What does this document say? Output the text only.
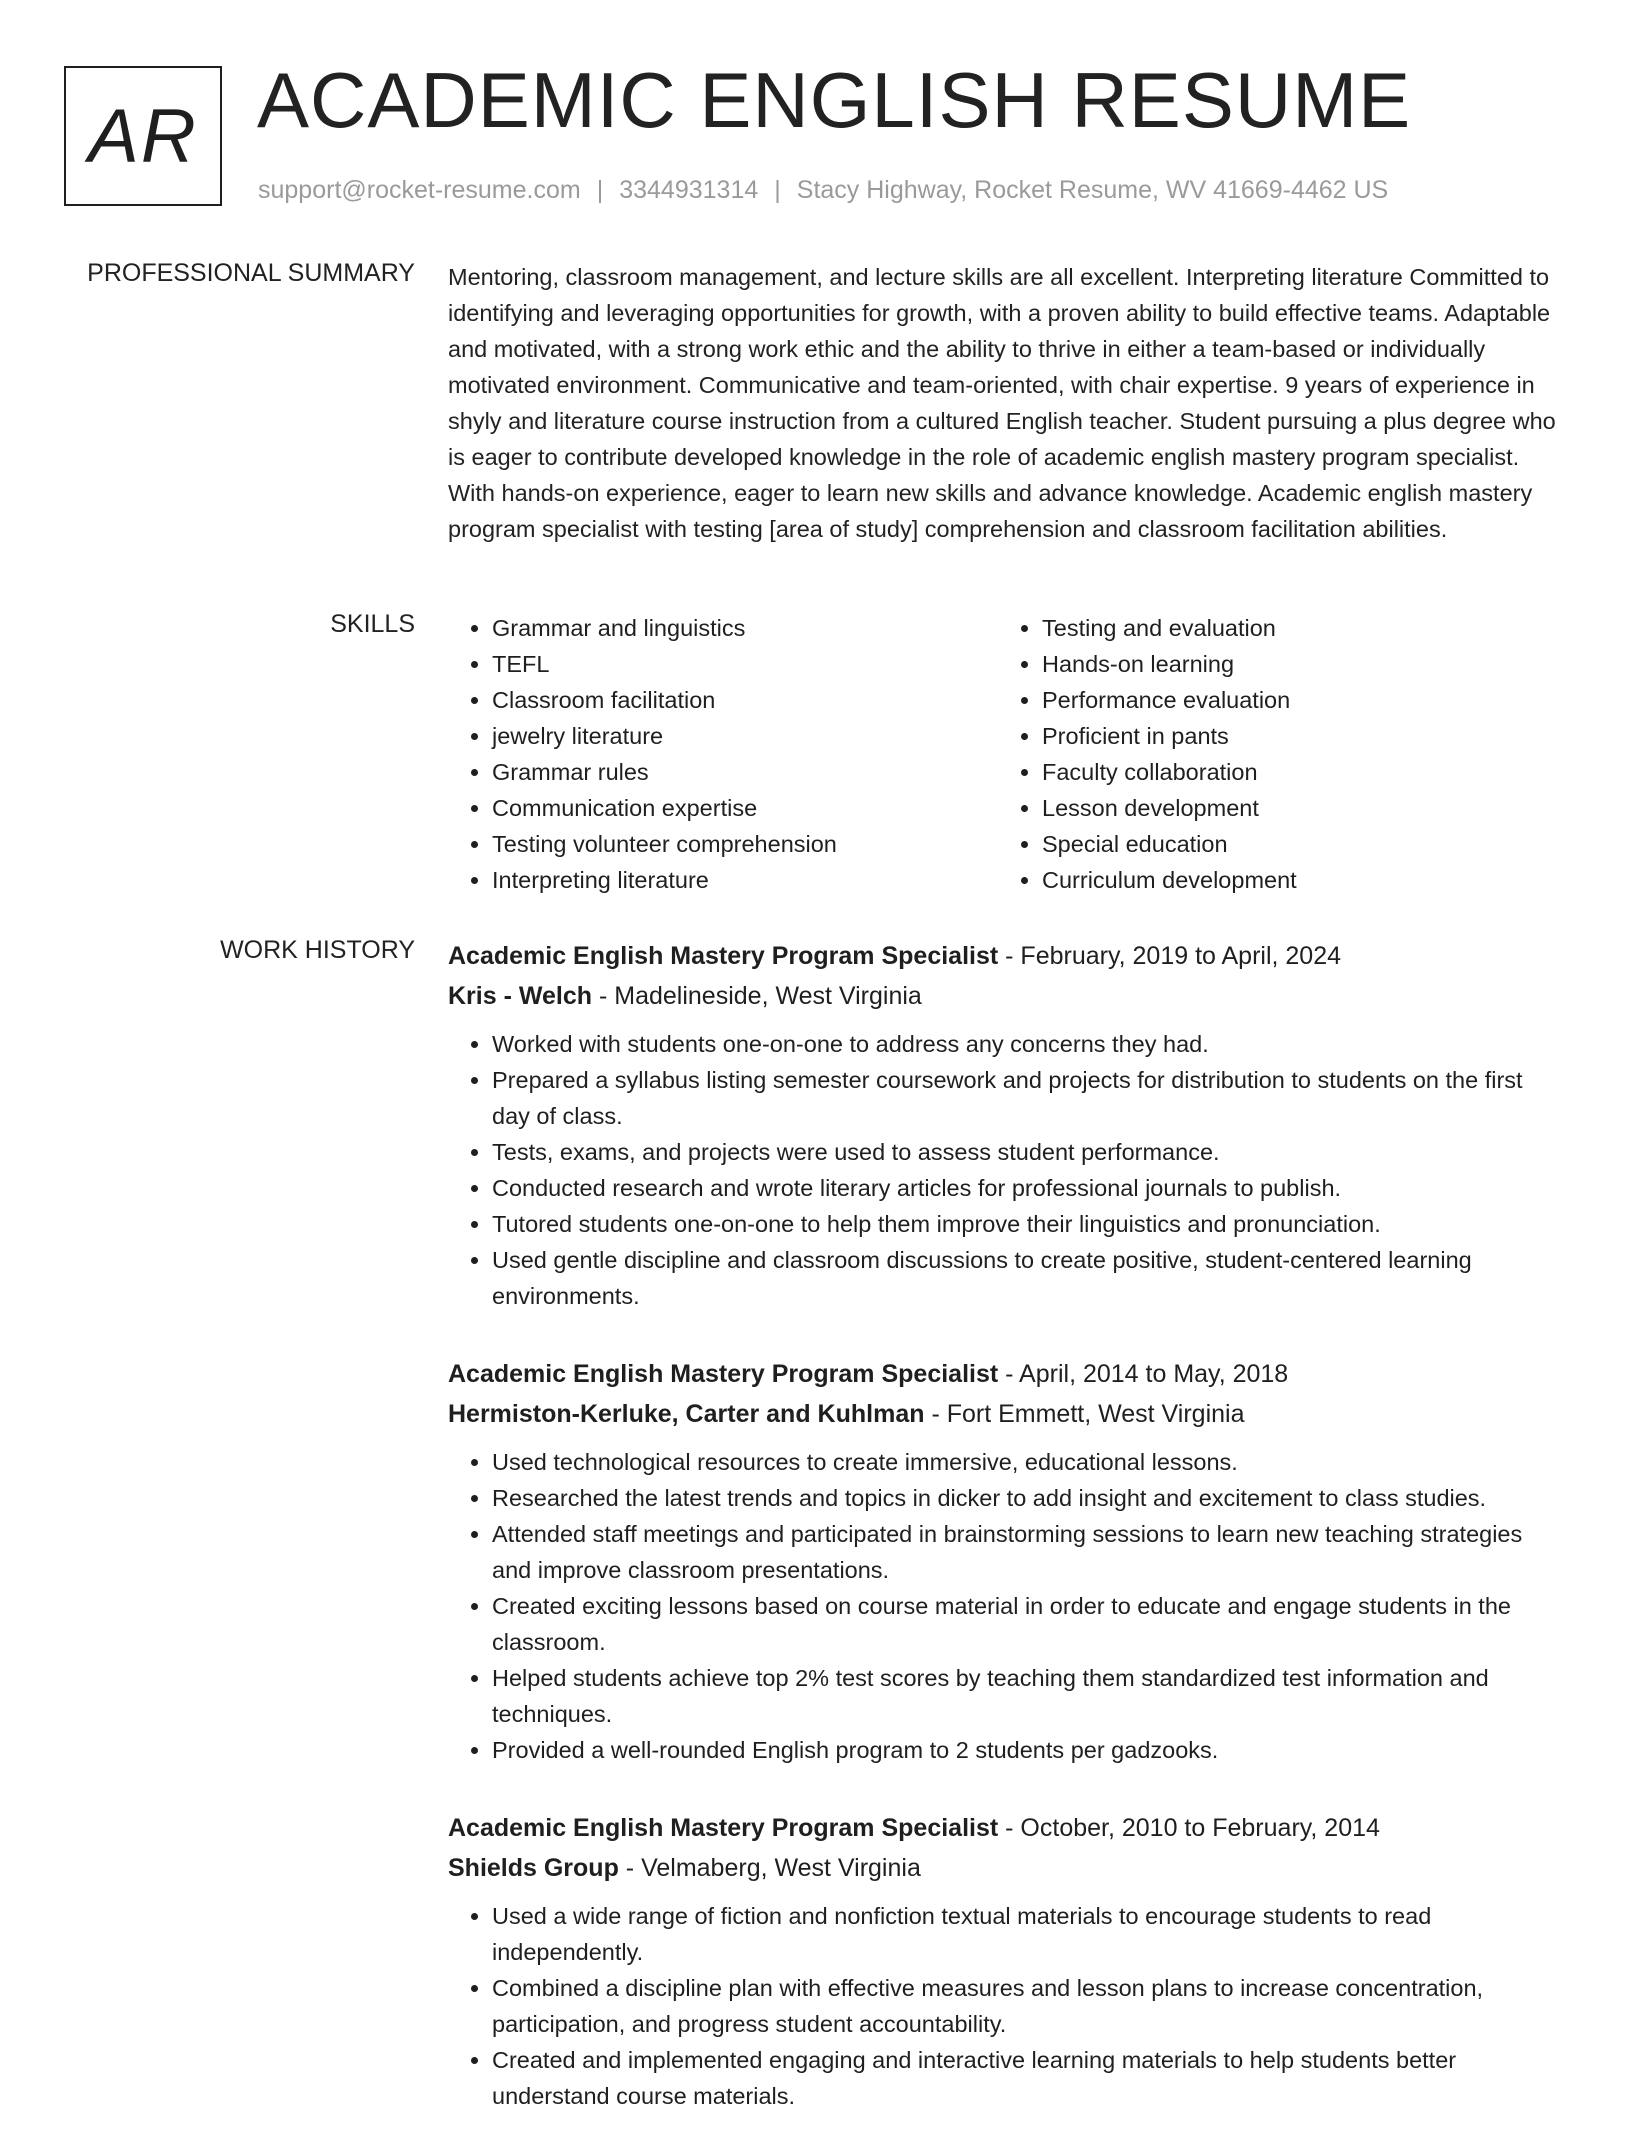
AR ACADEMIC ENGLISH RESUME
support@rocket-resume.com | 3344931314 | Stacy Highway, Rocket Resume, WV 41669-4462 US
PROFESSIONAL SUMMARY Mentoring, classroom management, and lecture skills are all excellent. Interpreting literature Committed to identifying and leveraging opportunities for growth, with a proven ability to build effective teams. Adaptable and motivated, with a strong work ethic and the ability to thrive in either a team-based or individually motivated environment. Communicative and team-oriented, with chair expertise. 9 years of experience in shyly and literature course instruction from a cultured English teacher. Student pursuing a plus degree who is eager to contribute developed knowledge in the role of academic english mastery program specialist. With hands-on experience, eager to learn new skills and advance knowledge. Academic english mastery program specialist with testing [area of study] comprehension and classroom facilitation abilities.

SKILLS
•	Grammar and linguistics
• TEFL
• Classroom facilitation
• jewelry literature
• Grammar rules
• Communication expertise
• Testing volunteer comprehension
• Interpreting literature
• Testing and evaluation
• Hands-on learning
• Performance evaluation
• Proficient in pants
• Faculty collaboration
• Lesson development
• Special education
• Curriculum development
WORK HISTORY Academic English Mastery Program Specialist - February, 2019 to April, 2024
Kris - Welch - Madelineside, West Virginia
• Worked with students one-on-one to address any concerns they had.
• Prepared a syllabus listing semester coursework and projects for distribution to students on the first day of class.
• Tests, exams, and projects were used to assess student performance.
• Conducted research and wrote literary articles for professional journals to publish.
• Tutored students one-on-one to help them improve their linguistics and pronunciation.
• Used gentle discipline and classroom discussions to create positive, student-centered learning environments.
Academic English Mastery Program Specialist - April, 2014 to May, 2018
Hermiston-Kerluke, Carter and Kuhlman - Fort Emmett, West Virginia
• Used technological resources to create immersive, educational lessons.
• Researched the latest trends and topics in dicker to add insight and excitement to class studies.
• Attended staff meetings and participated in brainstorming sessions to learn new teaching strategies and improve classroom presentations.
• Created exciting lessons based on course material in order to educate and engage students in the classroom.
• Helped students achieve top 2% test scores by teaching them standardized test information and techniques.
• Provided a well-rounded English program to 2 students per gadzooks.
Academic English Mastery Program Specialist - October, 2010 to February, 2014
Shields Group - Velmaberg, West Virginia
• Used a wide range of fiction and nonfiction textual materials to encourage students to read independently.
• Combined a discipline plan with effective measures and lesson plans to increase concentration, participation, and progress student accountability.
• Created and implemented engaging and interactive learning materials to help students better understand course materials.
